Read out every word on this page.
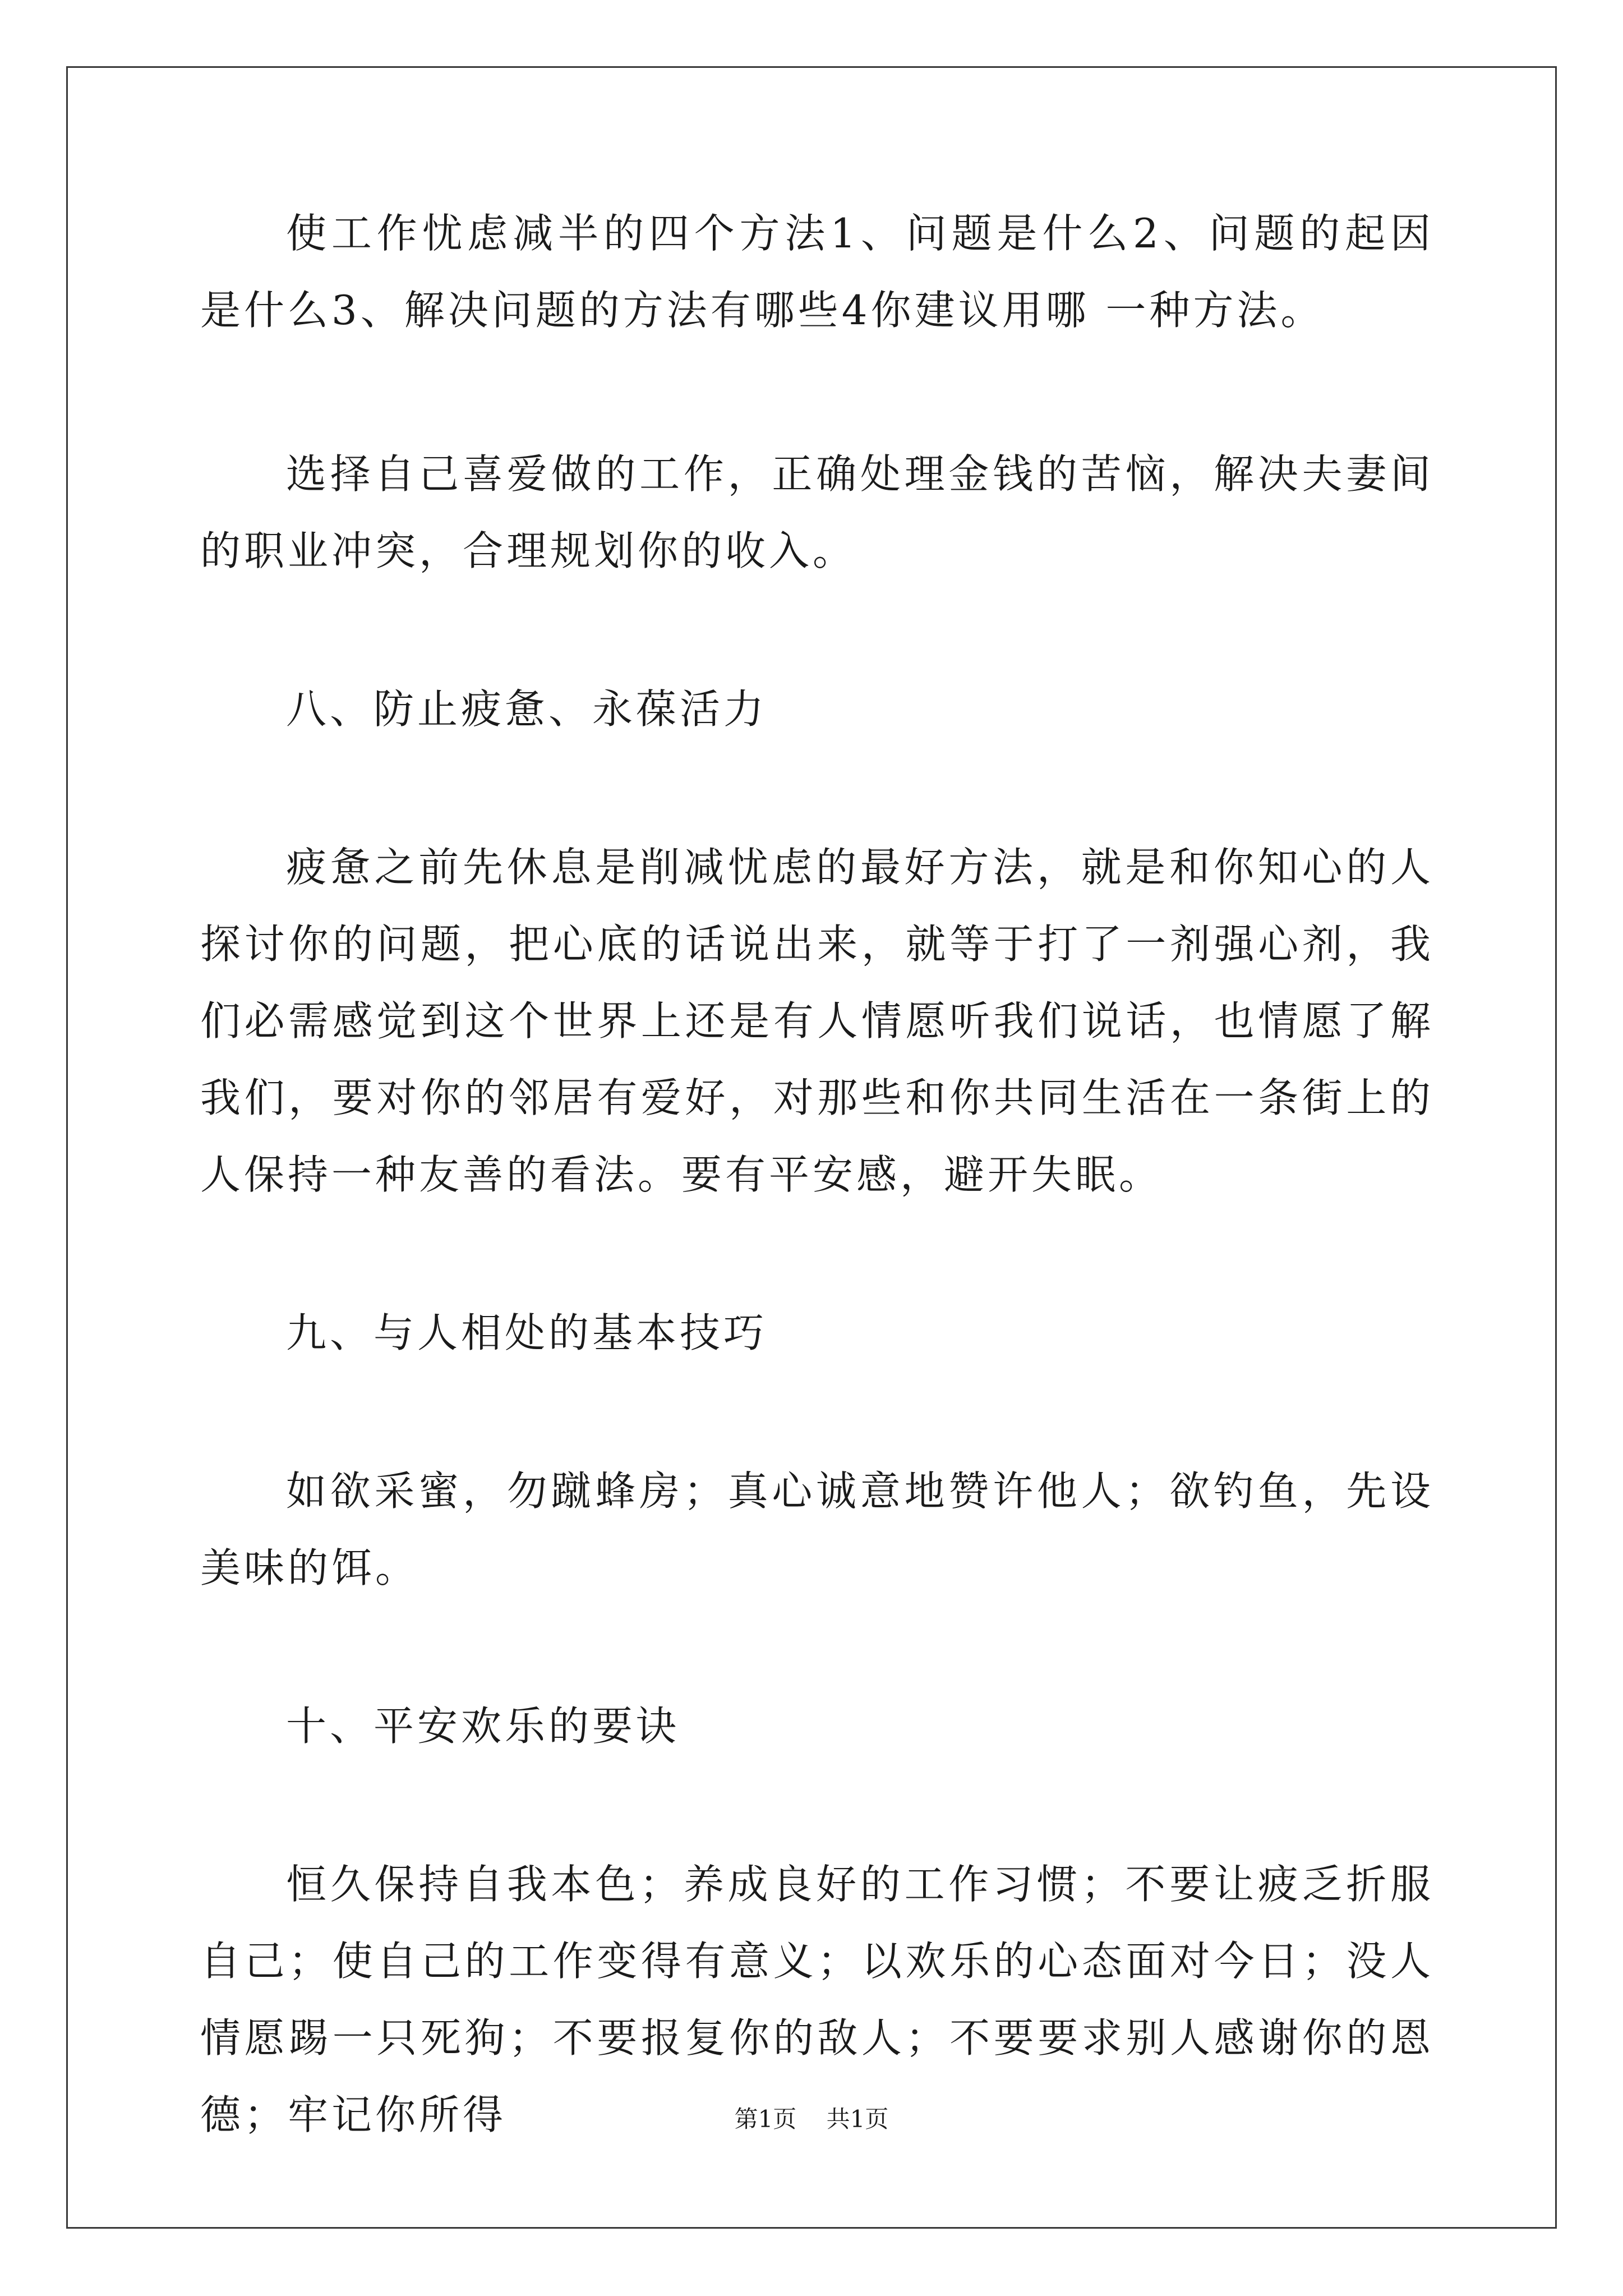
使工作忧虑减半的四个方法1、问题是什么2、问题的起因是什么3、解决问题的方法有哪些4你建议用哪 一种方法。

选择自己喜爱做的工作，正确处理金钱的苦恼，解决夫妻间的职业冲突，合理规划你的收入。

八、防止疲惫、永葆活力

疲惫之前先休息是削减忧虑的最好方法，就是和你知心的人探讨你的问题，把心底的话说出来，就等于打了一剂强心剂，我们必需感觉到这个世界上还是有人情愿听我们说话，也情愿了解我们，要对你的邻居有爱好，对那些和你共同生活在一条街上的人保持一种友善的看法。要有平安感，避开失眠。

九、与人相处的基本技巧

如欲采蜜，勿蹴蜂房；真心诚意地赞许他人；欲钓鱼，先设美味的饵。

十、平安欢乐的要诀

恒久保持自我本色；养成良好的工作习惯；不要让疲乏折服自己；使自己的工作变得有意义；以欢乐的心态面对今日；没人情愿踢一只死狗；不要报复你的敌人；不要要求别人感谢你的恩德；牢记你所得	第1页 共1页
